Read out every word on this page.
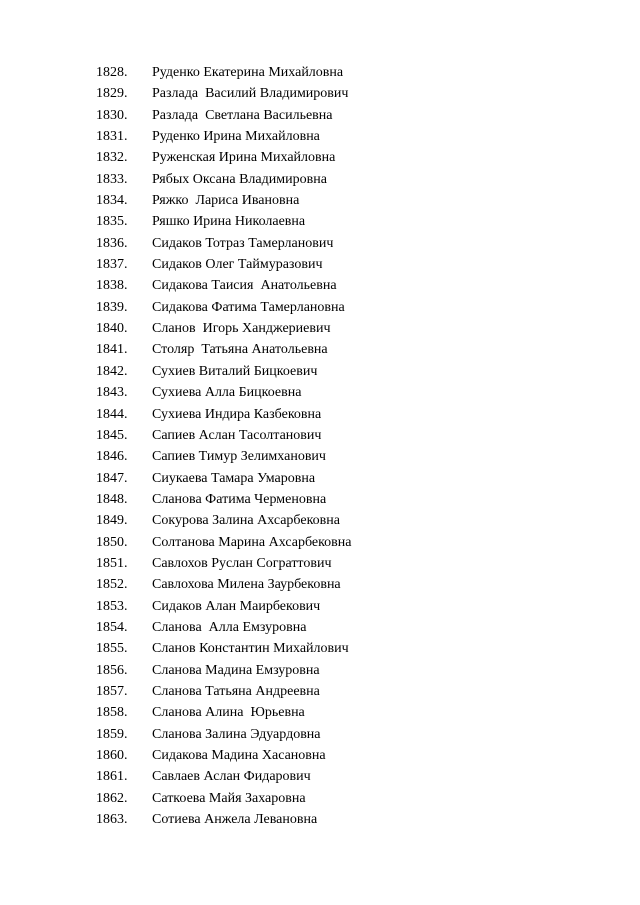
1828. Руденко Екатерина Михайловна
1829. Разлада  Василий Владимирович
1830. Разлада  Светлана Васильевна
1831. Руденко Ирина Михайловна
1832. Руженская Ирина Михайловна
1833. Рябых Оксана Владимировна
1834. Ряжко  Лариса Ивановна
1835. Ряшко Ирина Николаевна
1836. Сидаков Тотраз Тамерланович
1837. Сидаков Олег Таймуразович
1838. Сидакова Таисия  Анатольевна
1839. Сидакова Фатима Тамерлановна
1840. Сланов  Игорь Ханджериевич
1841. Столяр  Татьяна Анатольевна
1842. Сухиев Виталий Бицкоевич
1843. Сухиева Алла Бицкоевна
1844. Сухиева Индира Казбековна
1845. Сапиев Аслан Тасолтанович
1846. Сапиев Тимур Зелимханович
1847. Сиукаева Тамара Умаровна
1848. Сланова Фатима Черменовна
1849. Сокурова Залина Ахсарбековна
1850. Солтанова Марина Ахсарбековна
1851. Савлохов Руслан Сограттович
1852. Савлохова Милена Заурбековна
1853. Сидаков Алан Маирбекович
1854. Сланова  Алла Емзуровна
1855. Сланов Константин Михайлович
1856. Сланова Мадина Емзуровна
1857. Сланова Татьяна Андреевна
1858. Сланова Алина  Юрьевна
1859. Сланова Залина Эдуардовна
1860. Сидакова Мадина Хасановна
1861. Савлаев Аслан Фидарович
1862. Саткоева Майя Захаровна
1863. Сотиева Анжела Левановна
